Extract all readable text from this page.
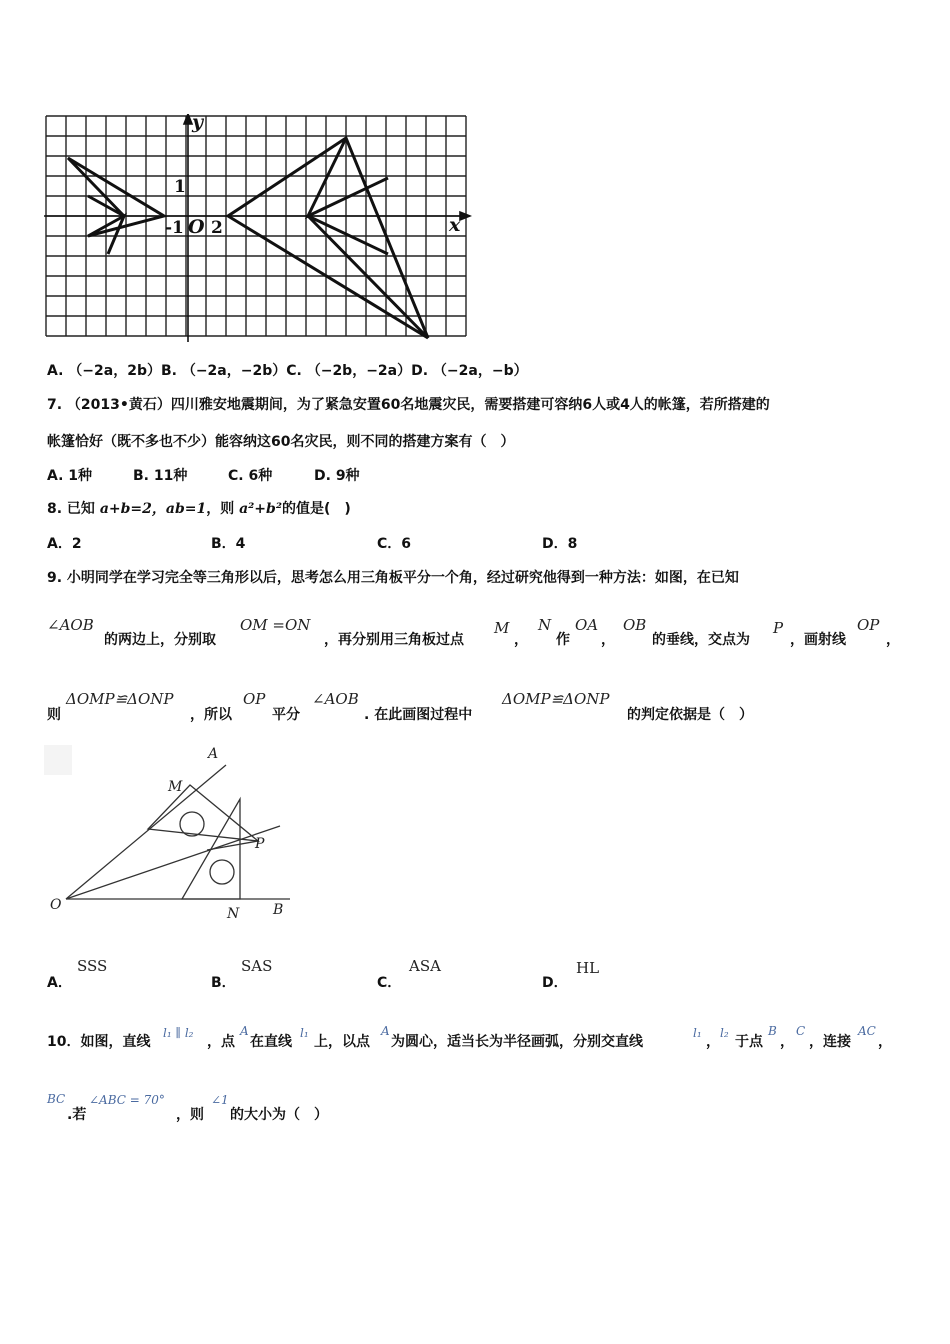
y
x
1
-1 O 2
A. （−2a，2b）B. （−2a，−2b）C. （−2b，−2a）D. （−2a，−b）
7. （2013•黄石）四川雅安地震期间，为了紧急安置60名地震灾民，需要搭建可容纳6人或4人的帐篷，若所搭建的
帐篷恰好（既不多也不少）能容纳这60名灾民，则不同的搭建方案有（　）
A. 1种	B. 11种	C. 6种	D. 9种
8. 已知 a+b=2，ab=1，则 a²+b²的值是(　)
A．2	B．4	C．6	D．8
9. 小明同学在学习完全等三角形以后，思考怎么用三角板平分一个角，经过研究他得到一种方法：如图，在已知
∠AOB
的两边上，分别取
OM =ON
，再分别用三角板过点
M
，
N
作
OA
，
OB
的垂线，交点为
P
，画射线
OP
，
则
ΔOMP≌ΔONP
，所以
OP
平分
∠AOB
. 在此画图过程中
ΔOMP≌ΔONP
的判定依据是（　）
A
M
P
O
N B
A．
SSS
B．
SAS
C．
ASA
D．
HL
10．如图，直线
l₁ ∥ l₂
，点
A
在直线
l₁
上，以点
A
为圆心，适当长为半径画弧，分别交直线
l₁
，
l₂
于点
B
，
C
，连接
AC
，
BC
.若
∠ABC = 70°
，则
∠1
的大小为（　）
